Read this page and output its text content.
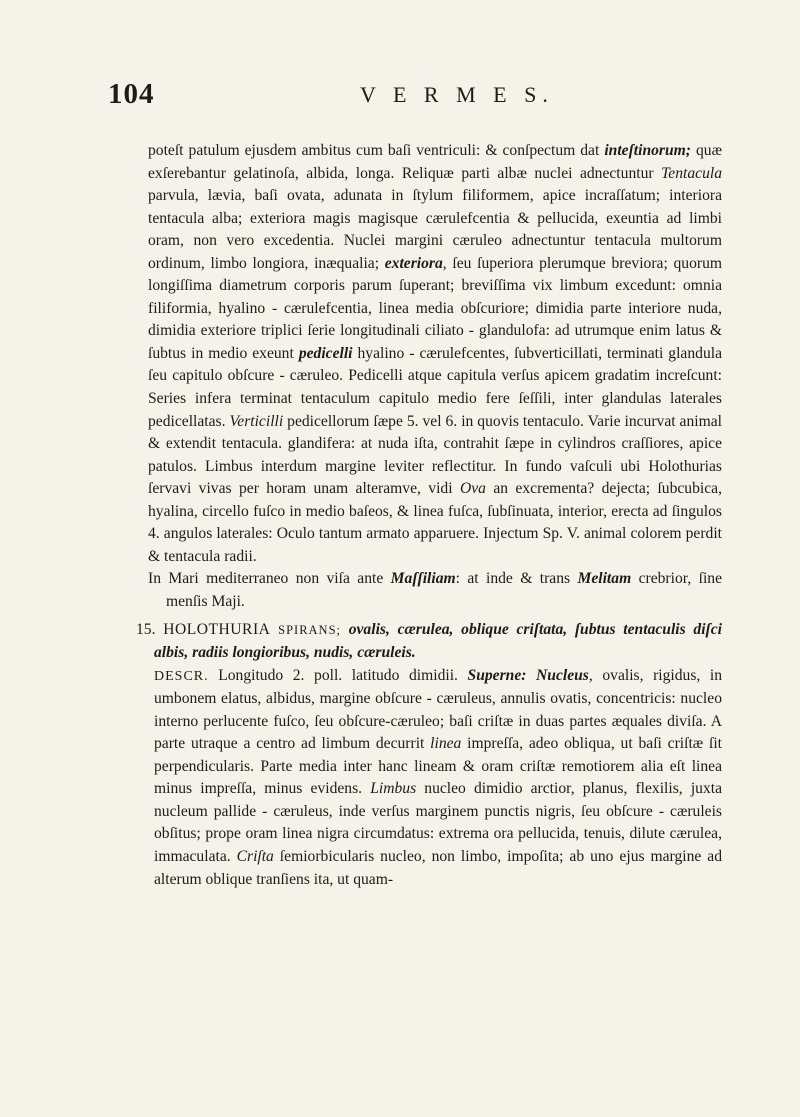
104	V E R M E S.

poteſt patulum ejusdem ambitus cum baſi ventriculi: & conſpectum dat inteſtinorum; quæ exſerebantur gelatinoſa, albida, longa. Reliquæ parti albæ nuclei adnectuntur Tentacula parvula, lævia, baſi ovata, adunata in ſtylum filiformem, apice incraſſatum; interiora tentacula alba; exteriora magis magisque cærulefcentia & pellucida, exeuntia ad limbi oram, non vero excedentia. Nuclei margini cæruleo adnectuntur tentacula multorum ordinum, limbo longiora, inæqualia; exteriora, ſeu ſuperiora plerumque breviora; quorum longiſſima diametrum corporis parum ſuperant; breviſſima vix limbum excedunt: omnia filiformia, hyalino - cærulefcentia, linea media obſcuriore; dimidia parte interiore nuda, dimidia exteriore triplici ſerie longitudinali ciliato - glandulofa: ad utrumque enim latus & ſubtus in medio exeunt pedicelli hyalino - cærulefcentes, ſubverticillati, terminati glandula ſeu capitulo obſcure - cæruleo. Pedicelli atque capitula verſus apicem gradatim increſcunt: Series infera terminat tentaculum capitulo medio fere ſeſſili, inter glandulas laterales pedicellatas. Verticilli pedicellorum ſæpe 5. vel 6. in quovis tentaculo. Varie incurvat animal & extendit tentacula. glandifera: at nuda iſta, contrahit ſæpe in cylindros craſſiores, apice patulos. Limbus interdum margine leviter reflectitur. In fundo vaſculi ubi Holothurias ſervavi vivas per horam unam alteramve, vidi Ova an excrementa? dejecta; ſubcubica, hyalina, circello fuſco in medio baſeos, & linea fuſca, ſubſinuata, interior, erecta ad ſingulos 4. angulos laterales: Oculo tantum armato apparuere. Injectum Sp. V. animal colorem perdit & tentacula radii.

In Mari mediterraneo non viſa ante Maſſiliam: at inde & trans Melitam crebrior, ſine menſis Maji.

15. HOLOTHURIA SPIRANS; ovalis, cærulea, oblique criſtata, ſubtus tentaculis diſci albis, radiis longioribus, nudis, cæruleis.

DESCR. Longitudo 2. poll. latitudo dimidii. Superne: Nucleus, ovalis, rigidus, in umbonem elatus, albidus, margine obſcure - cæruleus, annulis ovatis, concentricis: nucleo interno perlucente fuſco, ſeu obſcure-cæruleo; baſi criſtæ in duas partes æquales diviſa. A parte utraque a centro ad limbum decurrit linea impreſſa, adeo obliqua, ut baſi criſtæ ſit perpendicularis. Parte media inter hanc lineam & oram criſtæ remotiorem alia eſt linea minus impreſſa, minus evidens. Limbus nucleo dimidio arctior, planus, flexilis, juxta nucleum pallide - cæruleus, inde verſus marginem punctis nigris, ſeu obſcure - cæruleis obſitus; prope oram linea nigra circumdatus: extrema ora pellucida, tenuis, dilute cærulea, immaculata. Criſta ſemiorbicularis nucleo, non limbo, impoſita; ab uno ejus margine ad alterum oblique tranſiens ita, ut quam-
